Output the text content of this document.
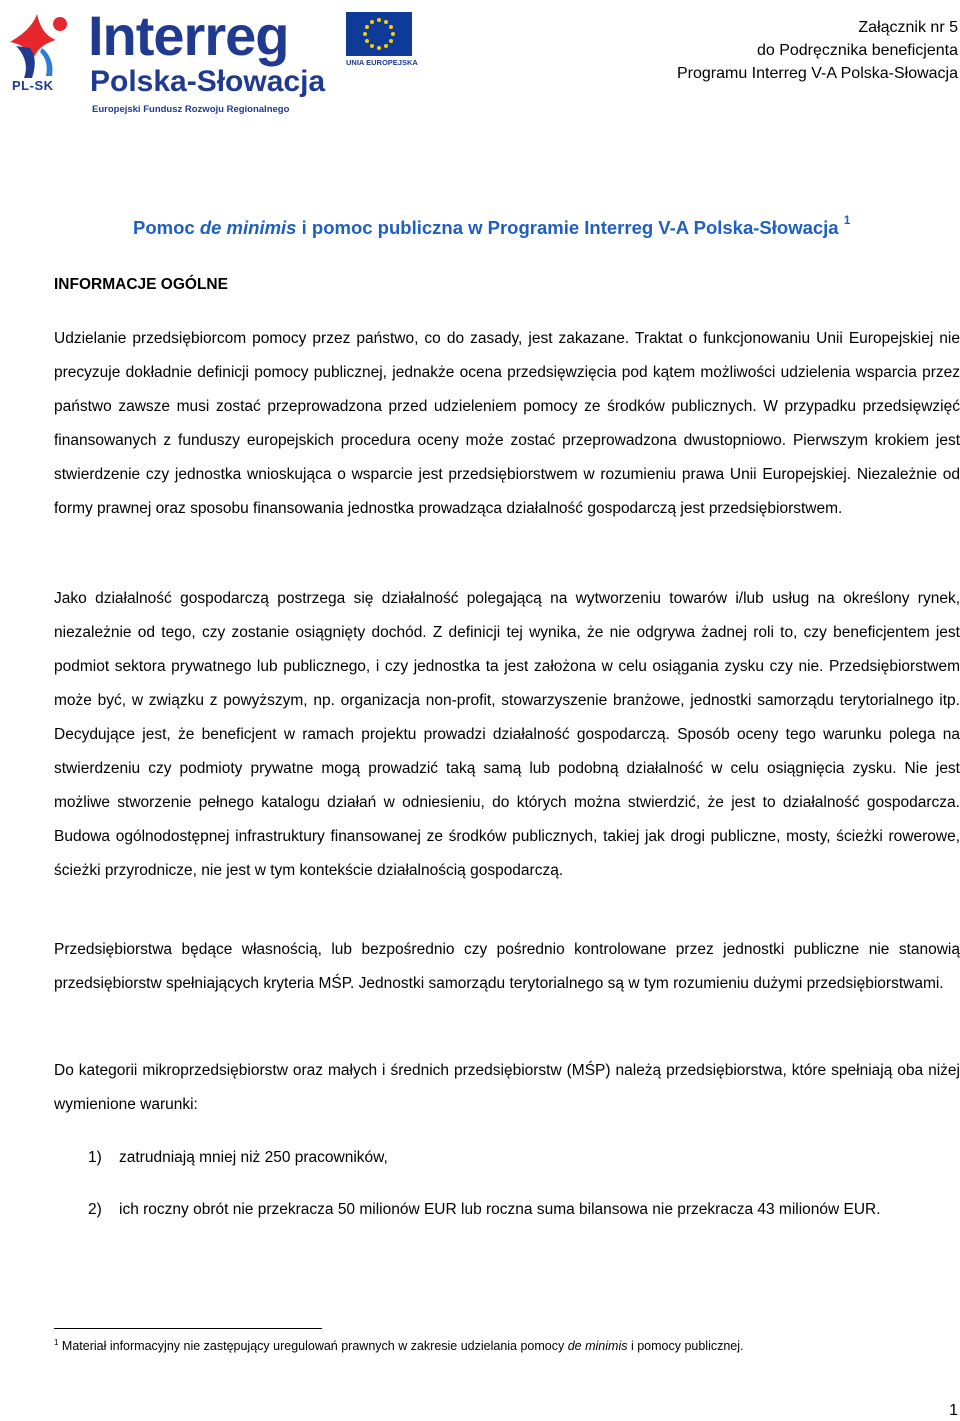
PL-SK
Interreg
Polska-Słowacja
Europejski Fundusz Rozwoju Regionalnego
UNIA EUROPEJSKA
Załącznik nr 5
do Podręcznika beneficjenta
Programu Interreg V-A Polska-Słowacja
Pomoc de minimis i pomoc publiczna w Programie Interreg V-A Polska-Słowacja $^1$
INFORMACJE OGÓLNE

Udzielanie przedsiębiorcom pomocy przez państwo, co do zasady, jest zakazane. Traktat o funkcjonowaniu Unii Europejskiej nie precyzuje dokładnie definicji pomocy publicznej, jednakże ocena przedsięwzięcia pod kątem możliwości udzielenia wsparcia przez państwo zawsze musi zostać przeprowadzona przed udzieleniem pomocy ze środków publicznych. W przypadku przedsięwzięć finansowanych z funduszy europejskich procedura oceny może zostać przeprowadzona dwustopniowo. Pierwszym krokiem jest stwierdzenie czy jednostka wnioskująca o wsparcie jest przedsiębiorstwem w rozumieniu prawa Unii Europejskiej. Niezależnie od formy prawnej oraz sposobu finansowania jednostka prowadząca działalność gospodarczą jest przedsiębiorstwem.

Jako działalność gospodarczą postrzega się działalność polegającą na wytworzeniu towarów i/lub usług na określony rynek, niezależnie od tego, czy zostanie osiągnięty dochód. Z definicji tej wynika, że nie odgrywa żadnej roli to, czy beneficjentem jest podmiot sektora prywatnego lub publicznego, i czy jednostka ta jest założona w celu osiągania zysku czy nie. Przedsiębiorstwem może być, w związku z powyższym, np. organizacja non-profit, stowarzyszenie branżowe, jednostki samorządu terytorialnego itp. Decydujące jest, że beneficjent w ramach projektu prowadzi działalność gospodarczą. Sposób oceny tego warunku polega na stwierdzeniu czy podmioty prywatne mogą prowadzić taką samą lub podobną działalność w celu osiągnięcia zysku. Nie jest możliwe stworzenie pełnego katalogu działań w odniesieniu, do których można stwierdzić, że jest to działalność gospodarcza. Budowa ogólnodostępnej infrastruktury finansowanej ze środków publicznych, takiej jak drogi publiczne, mosty, ścieżki rowerowe, ścieżki przyrodnicze, nie jest w tym kontekście działalnością gospodarczą.

Przedsiębiorstwa będące własnością, lub bezpośrednio czy pośrednio kontrolowane przez jednostki publiczne nie stanowią przedsiębiorstw spełniających kryteria MŚP. Jednostki samorządu terytorialnego są w tym rozumieniu dużymi przedsiębiorstwami.

Do kategorii mikroprzedsiębiorstw oraz małych i średnich przedsiębiorstw (MŚP) należą przedsiębiorstwa, które spełniają oba niżej wymienione warunki:

1)	zatrudniają mniej niż 250 pracowników,
2)	ich roczny obrót nie przekracza 50 milionów EUR lub roczna suma bilansowa nie przekracza 43 milionów EUR.
$^1$ Materiał informacyjny nie zastępujący uregulowań prawnych w zakresie udzielania pomocy de minimis i pomocy publicznej.
1
